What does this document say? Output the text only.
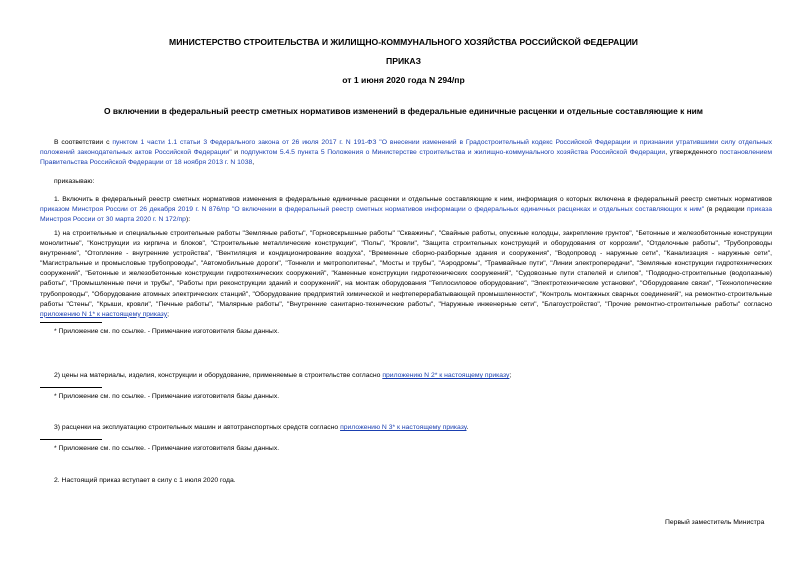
МИНИСТЕРСТВО СТРОИТЕЛЬСТВА И ЖИЛИЩНО-КОММУНАЛЬНОГО ХОЗЯЙСТВА РОССИЙСКОЙ ФЕДЕРАЦИИ
ПРИКАЗ
от 1 июня 2020 года N 294/пр
О включении в федеральный реестр сметных нормативов изменений в федеральные единичные расценки и отдельные составляющие к ним
В соответствии с пунктом 1 части 1.1 статьи 3 Федерального закона от 26 июля 2017 г. N 191-ФЗ "О внесении изменений в Градостроительный кодекс Российской Федерации и признании утратившими силу отдельных положений законодательных актов Российской Федерации" и подпунктом 5.4.5 пункта 5 Положения о Министерстве строительства и жилищно-коммунального хозяйства Российской Федерации, утвержденного постановлением Правительства Российской Федерации от 18 ноября 2013 г. N 1038,
приказываю:
1. Включить в федеральный реестр сметных нормативов изменения в федеральные единичные расценки и отдельные составляющие к ним, информация о которых включена в федеральный реестр сметных нормативов приказом Минстроя России от 26 декабря 2019 г. N 876/пр "О включении в федеральный реестр сметных нормативов информации о федеральных единичных расценках и отдельных составляющих к ним" (в редакции приказа Минстроя России от 30 марта 2020 г. N 172/пр):
1) на строительные и специальные строительные работы "Земляные работы", "Горновскрышные работы" "Скважины", "Свайные работы, опускные колодцы, закрепление грунтов", "Бетонные и железобетонные конструкции монолитные", "Конструкции из кирпича и блоков", "Строительные металлические конструкции", "Полы", "Кровли", "Защита строительных конструкций и оборудования от коррозии", "Отделочные работы", "Трубопроводы внутренние", "Отопление - внутренние устройства", "Вентиляция и кондиционирование воздуха", "Временные сборно-разборные здания и сооружения", "Водопровод - наружные сети", "Канализация - наружные сети", "Магистральные и промысловые трубопроводы", "Автомобильные дороги", "Тоннели и метрополитены", "Мосты и трубы", "Аэродромы", "Трамвайные пути", "Линии электропередачи", "Земляные конструкции гидротехнических сооружений", "Бетонные и железобетонные конструкции гидротехнических сооружений", "Каменные конструкции гидротехнических сооружений", "Судовозные пути стапелей и слипов", "Подводно-строительные (водолазные) работы", "Промышленные печи и трубы", "Работы при реконструкции зданий и сооружений", на монтаж оборудования "Теплосиловое оборудование", "Электротехнические установки", "Оборудование связи", "Технологические трубопроводы", "Оборудование атомных электрических станций", "Оборудование предприятий химической и нефтеперерабатывающей промышленности", "Контроль монтажных сварных соединений", на ремонтно-строительные работы "Стены", "Крыши, кровли", "Печные работы", "Малярные работы", "Внутренние санитарно-технические работы", "Наружные инженерные сети", "Благоустройство", "Прочие ремонтно-строительные работы" согласно приложению N 1* к настоящему приказу;
* Приложение см. по ссылке. - Примечание изготовителя базы данных.
2) цены на материалы, изделия, конструкции и оборудование, применяемые в строительстве согласно приложению N 2* к настоящему приказу;
* Приложение см. по ссылке. - Примечание изготовителя базы данных.
3) расценки на эксплуатацию строительных машин и автотранспортных средств согласно приложению N 3* к настоящему приказу.
* Приложение см. по ссылке. - Примечание изготовителя базы данных.
2. Настоящий приказ вступает в силу с 1 июля 2020 года.
Первый заместитель Министра
